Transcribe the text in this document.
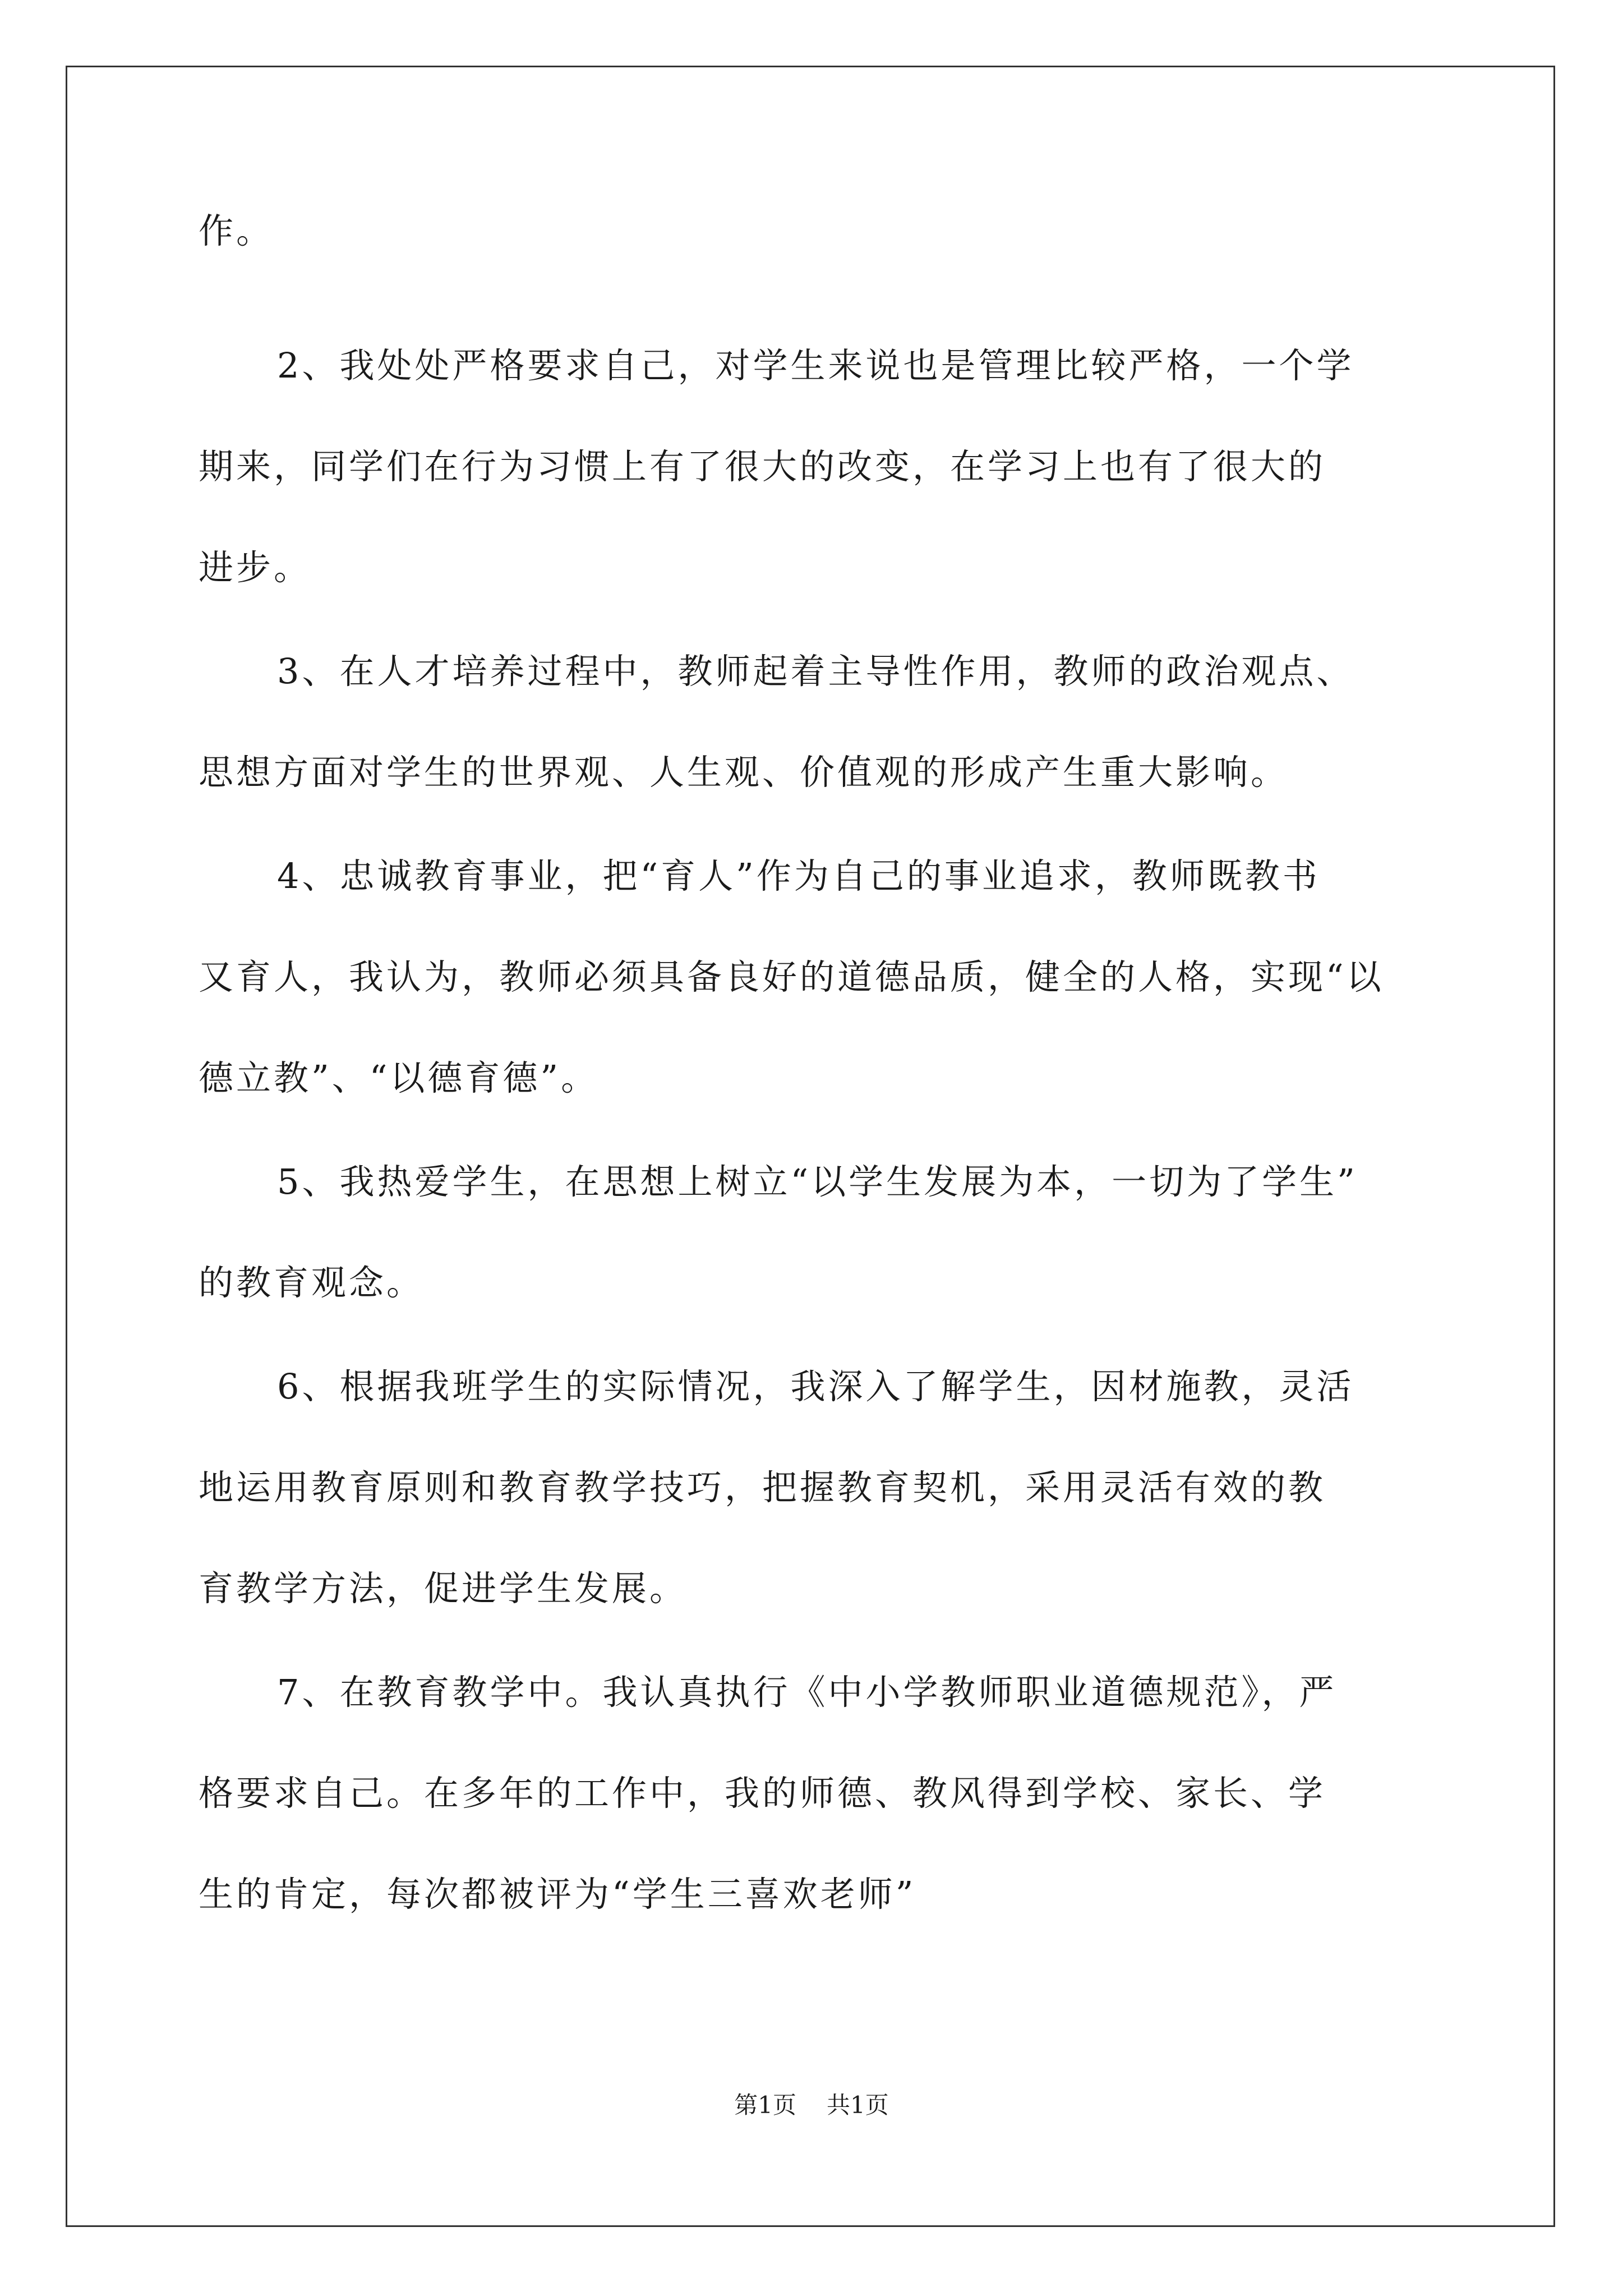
作。
2、我处处严格要求自己，对学生来说也是管理比较严格，一个学
期来，同学们在行为习惯上有了很大的改变，在学习上也有了很大的
进步。
3、在人才培养过程中，教师起着主导性作用，教师的政治观点、
思想方面对学生的世界观、人生观、价值观的形成产生重大影响。
4、忠诚教育事业，把“育人”作为自己的事业追求，教师既教书
又育人，我认为，教师必须具备良好的道德品质，健全的人格，实现“以
德立教”、“以德育德”。
5、我热爱学生，在思想上树立“以学生发展为本，一切为了学生”
的教育观念。
6、根据我班学生的实际情况，我深入了解学生，因材施教，灵活
地运用教育原则和教育教学技巧，把握教育契机，采用灵活有效的教
育教学方法，促进学生发展。
7、在教育教学中。我认真执行《中小学教师职业道德规范》，严
格要求自己。在多年的工作中，我的师德、教风得到学校、家长、学
生的肯定，每次都被评为“学生三喜欢老师”
第1页 共1页
